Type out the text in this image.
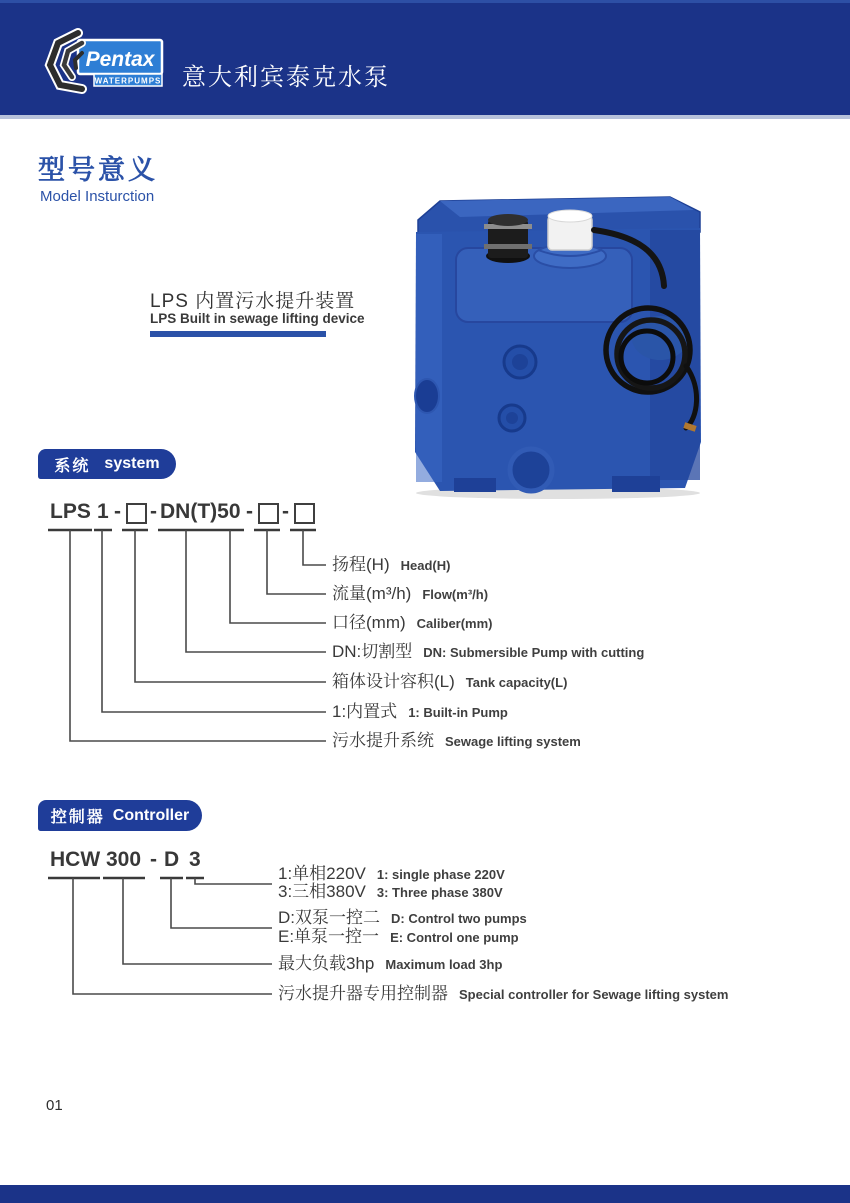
Pentax
WATERPUMPS 意大利宾泰克水泵
型号意义
Model Insturction
LPS 内置污水提升装置
LPS Built in sewage lifting device
系统 system
LPS 1 - - DN(T)50 - -
扬程(H) Head(H)
流量(m³/h) Flow(m³/h)
口径(mm) Caliber(mm)
DN:切割型 DN: Submersible Pump with cutting
箱体设计容积(L) Tank capacity(L)
1:内置式 1: Built-in Pump
污水提升系统 Sewage lifting system
控制器 Controller
HCW 300 - D 3
1:单相220V 1: single phase 220V
3:三相380V 3: Three phase 380V
D:双泵一控二 D: Control two pumps
E:单泵一控一 E: Control one pump
最大负载3hp Maximum load 3hp
污水提升器专用控制器 Special controller for Sewage lifting system
01
